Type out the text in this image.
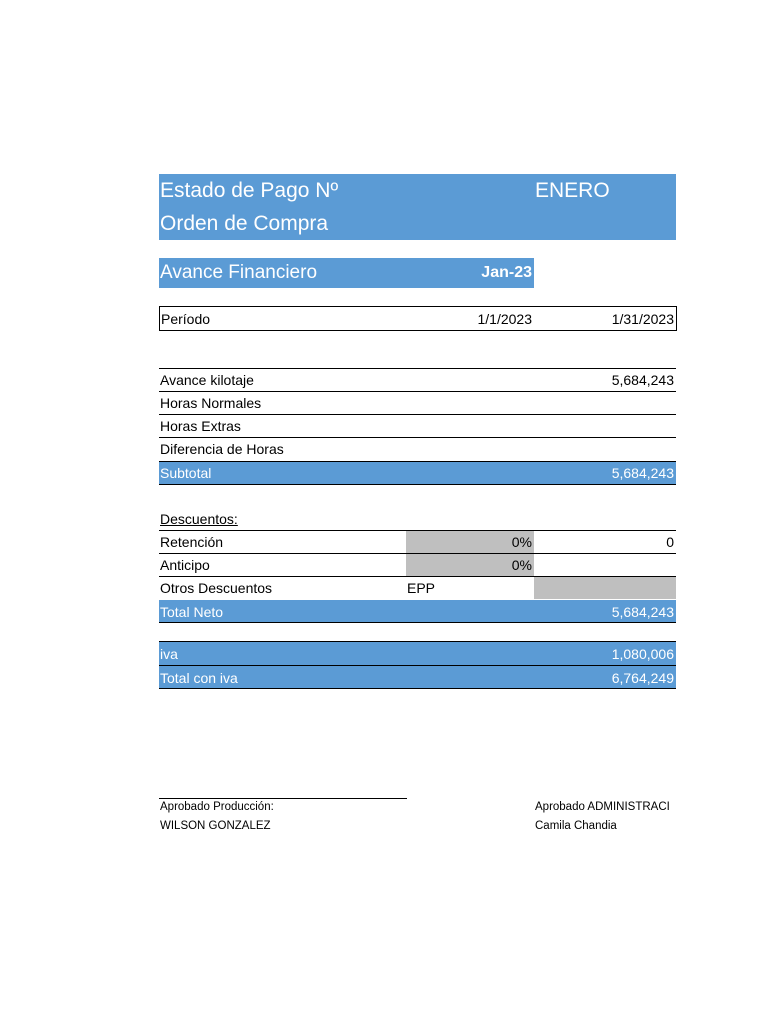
Estado de Pago Nº	ENERO
Orden de Compra
Avance Financiero	Jan-23
Período	1/1/2023	1/31/2023
Avance kilotaje	5,684,243
Horas Normales
Horas Extras
Diferencia de Horas
Subtotal	5,684,243
Descuentos:
Retención	0%	0
Anticipo	0%
Otros Descuentos	EPP
Total Neto	5,684,243
iva	1,080,006
Total con iva	6,764,249
Aprobado Producción:
WILSON GONZALEZ
Aprobado ADMINISTRACI
Camila Chandia
